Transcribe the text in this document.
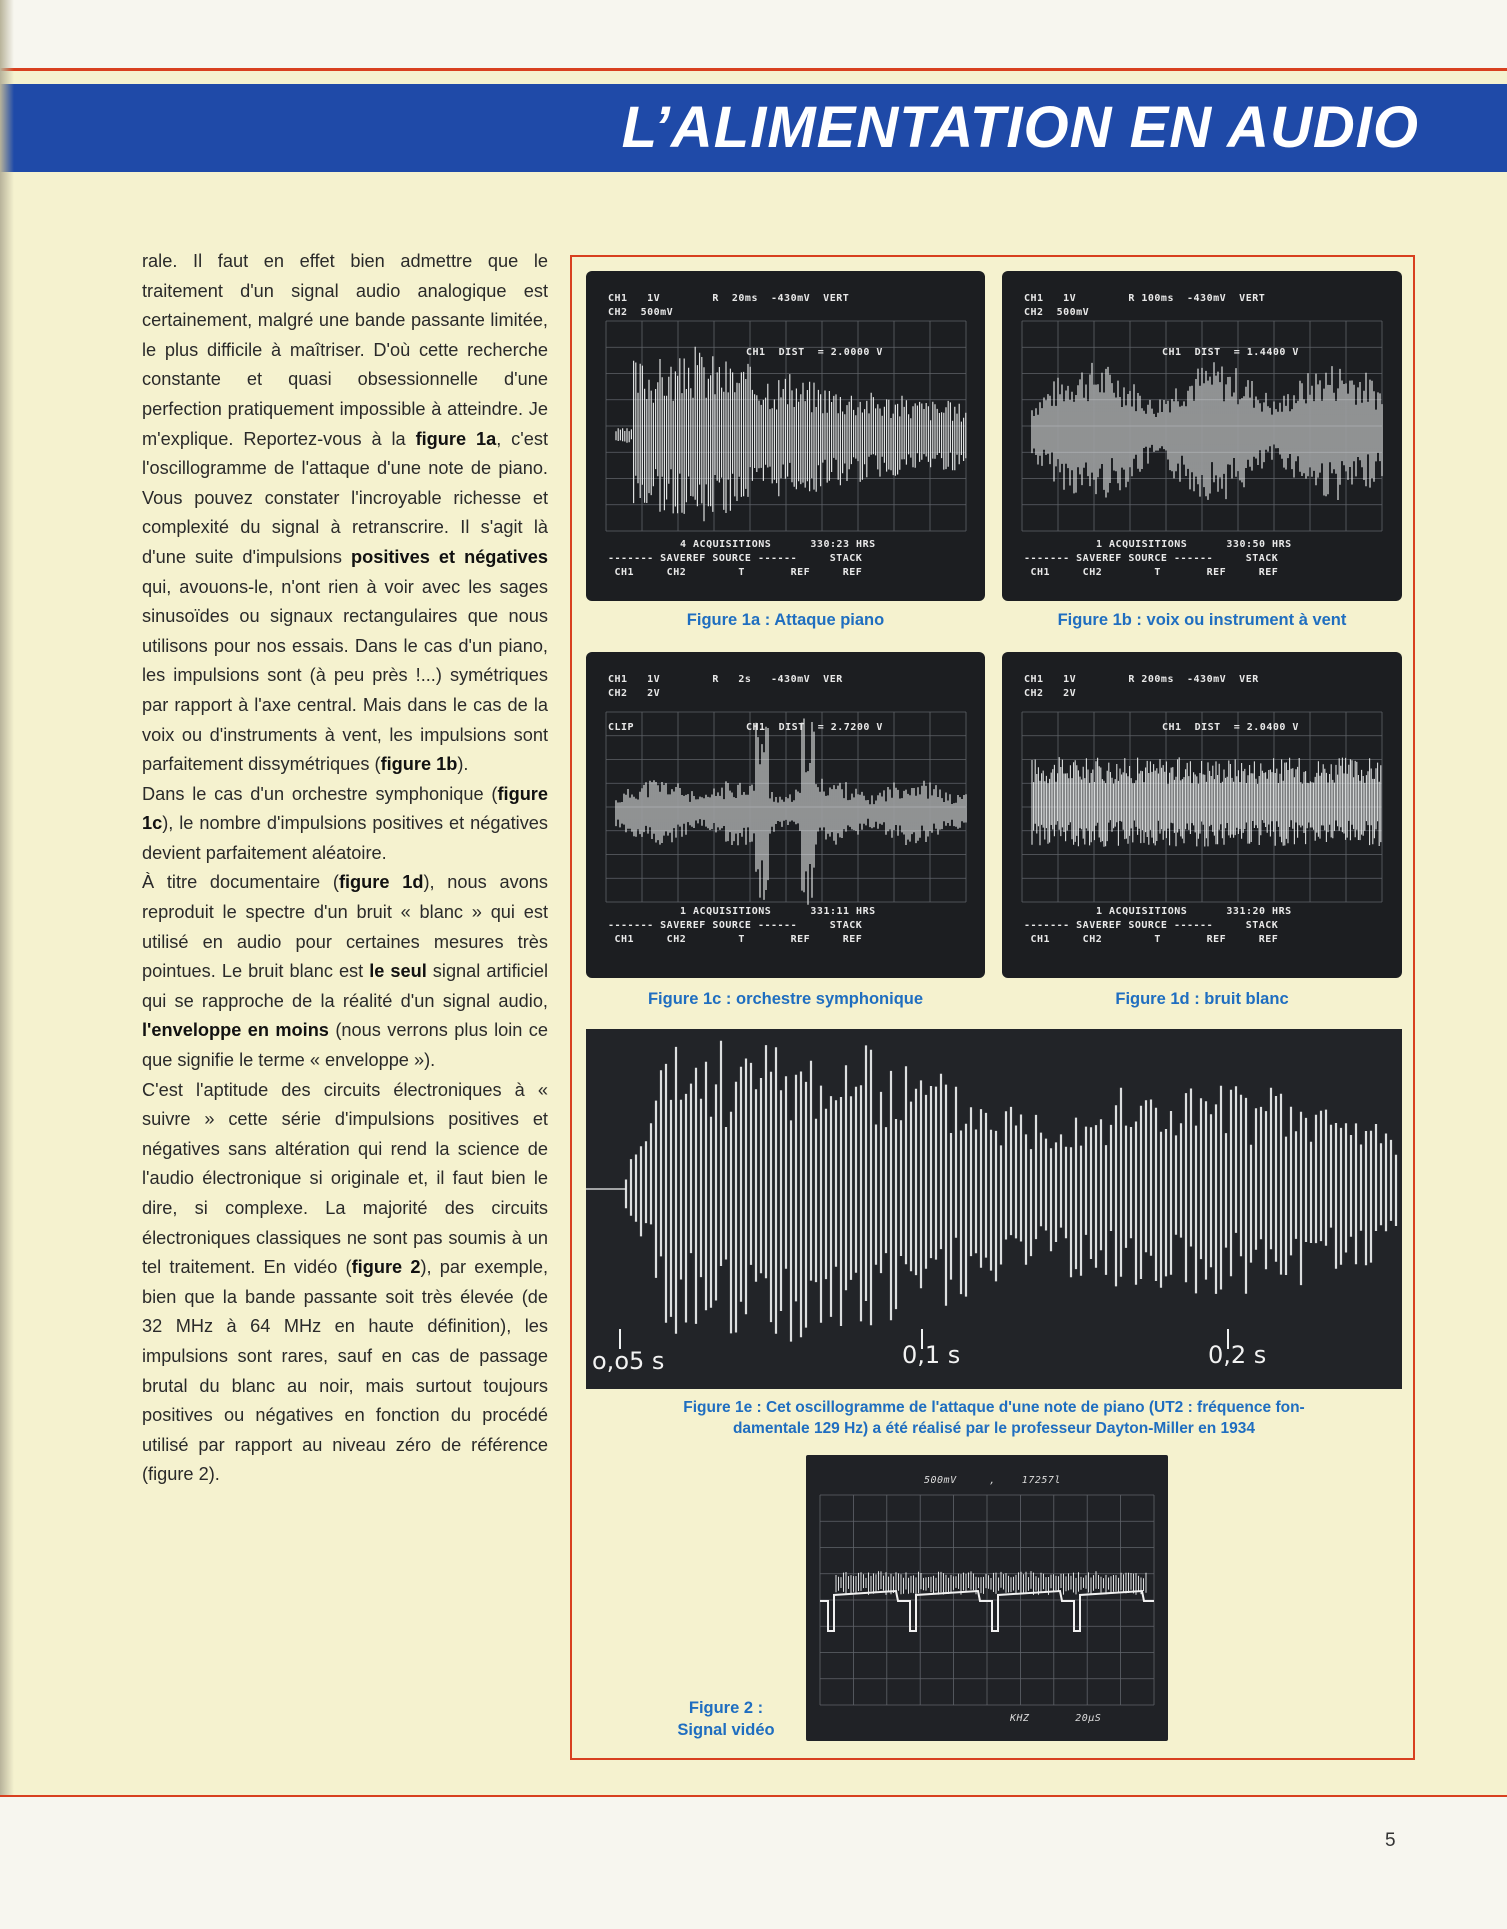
L’ALIMENTATION EN AUDIO

rale. Il faut en effet bien admettre que le traitement d'un signal audio analogique est certainement, malgré une bande passante limitée, le plus difficile à maîtriser. D'où cette recherche constante et quasi obsessionnelle d'une perfection pratiquement impossible à atteindre. Je m'explique. Reportez-vous à la figure 1a, c'est l'oscillogramme de l'attaque d'une note de piano. Vous pouvez constater l'incroyable richesse et complexité du signal à retranscrire. Il s'agit là d'une suite d'impulsions positives et négatives qui, avouons-le, n'ont rien à voir avec les sages sinusoïdes ou signaux rectangulaires que nous utilisons pour nos essais. Dans le cas d'un piano, les impulsions sont (à peu près !...) symétriques par rapport à l'axe central. Mais dans le cas de la voix ou d'instruments à vent, les impulsions sont parfaitement dissymétriques (figure 1b).

Dans le cas d'un orchestre symphonique (figure 1c), le nombre d'impulsions positives et négatives devient parfaitement aléatoire.

À titre documentaire (figure 1d), nous avons reproduit le spectre d'un bruit « blanc » qui est utilisé en audio pour certaines mesures très pointues. Le bruit blanc est le seul signal artificiel qui se rapproche de la réalité d'un signal audio, l'enveloppe en moins (nous verrons plus loin ce que signifie le terme « enveloppe »).

C'est l'aptitude des circuits électroniques à « suivre » cette série d'impulsions positives et négatives sans altération qui rend la science de l'audio électronique si originale et, il faut bien le dire, si complexe. La majorité des circuits électroniques classiques ne sont pas soumis à un tel traitement. En vidéo (figure 2), par exemple, bien que la bande passante soit très élevée (de 32 MHz à 64 MHz en haute définition), les impulsions sont rares, sauf en cas de passage brutal du blanc au noir, mais surtout toujours positives ou négatives en fonction du procédé utilisé par rapport au niveau zéro de référence (figure 2).

CH1   1V        R  20ms  -430mV  VERT
CH2  500mV
CH1  DIST  = 2.0000 V
4 ACQUISITIONS      330:23 HRS
------- SAVEREF SOURCE ------     STACK
CH1     CH2        T       REF     REF
Figure 1a : Attaque piano
CH1   1V        R 100ms  -430mV  VERT
CH2  500mV
CH1  DIST  = 1.4400 V
1 ACQUISITIONS      330:50 HRS
------- SAVEREF SOURCE ------     STACK
CH1     CH2        T       REF     REF
Figure 1b : voix ou instrument à vent
CH1   1V        R   2s   -430mV  VER
CH2   2V
CLIP	CH1  DIST  = 2.7200 V
1 ACQUISITIONS      331:11 HRS
------- SAVEREF SOURCE ------     STACK
CH1     CH2        T       REF     REF
Figure 1c : orchestre symphonique
CH1   1V        R 200ms  -430mV  VER
CH2   2V
CH1  DIST  = 2.0400 V
1 ACQUISITIONS      331:20 HRS
------- SAVEREF SOURCE ------     STACK
CH1     CH2        T       REF     REF
Figure 1d : bruit blanc
o,o5 s	0,1 s	0,2 s
Figure 1e : Cet oscillogramme de l'attaque d'une note de piano (UT2 : fréquence fon-
damentale 129 Hz) a été réalisé par le professeur Dayton-Miller en 1934
500mV     ,    17257l
KHZ       20µS
Figure 2 :
Signal vidéo
5
